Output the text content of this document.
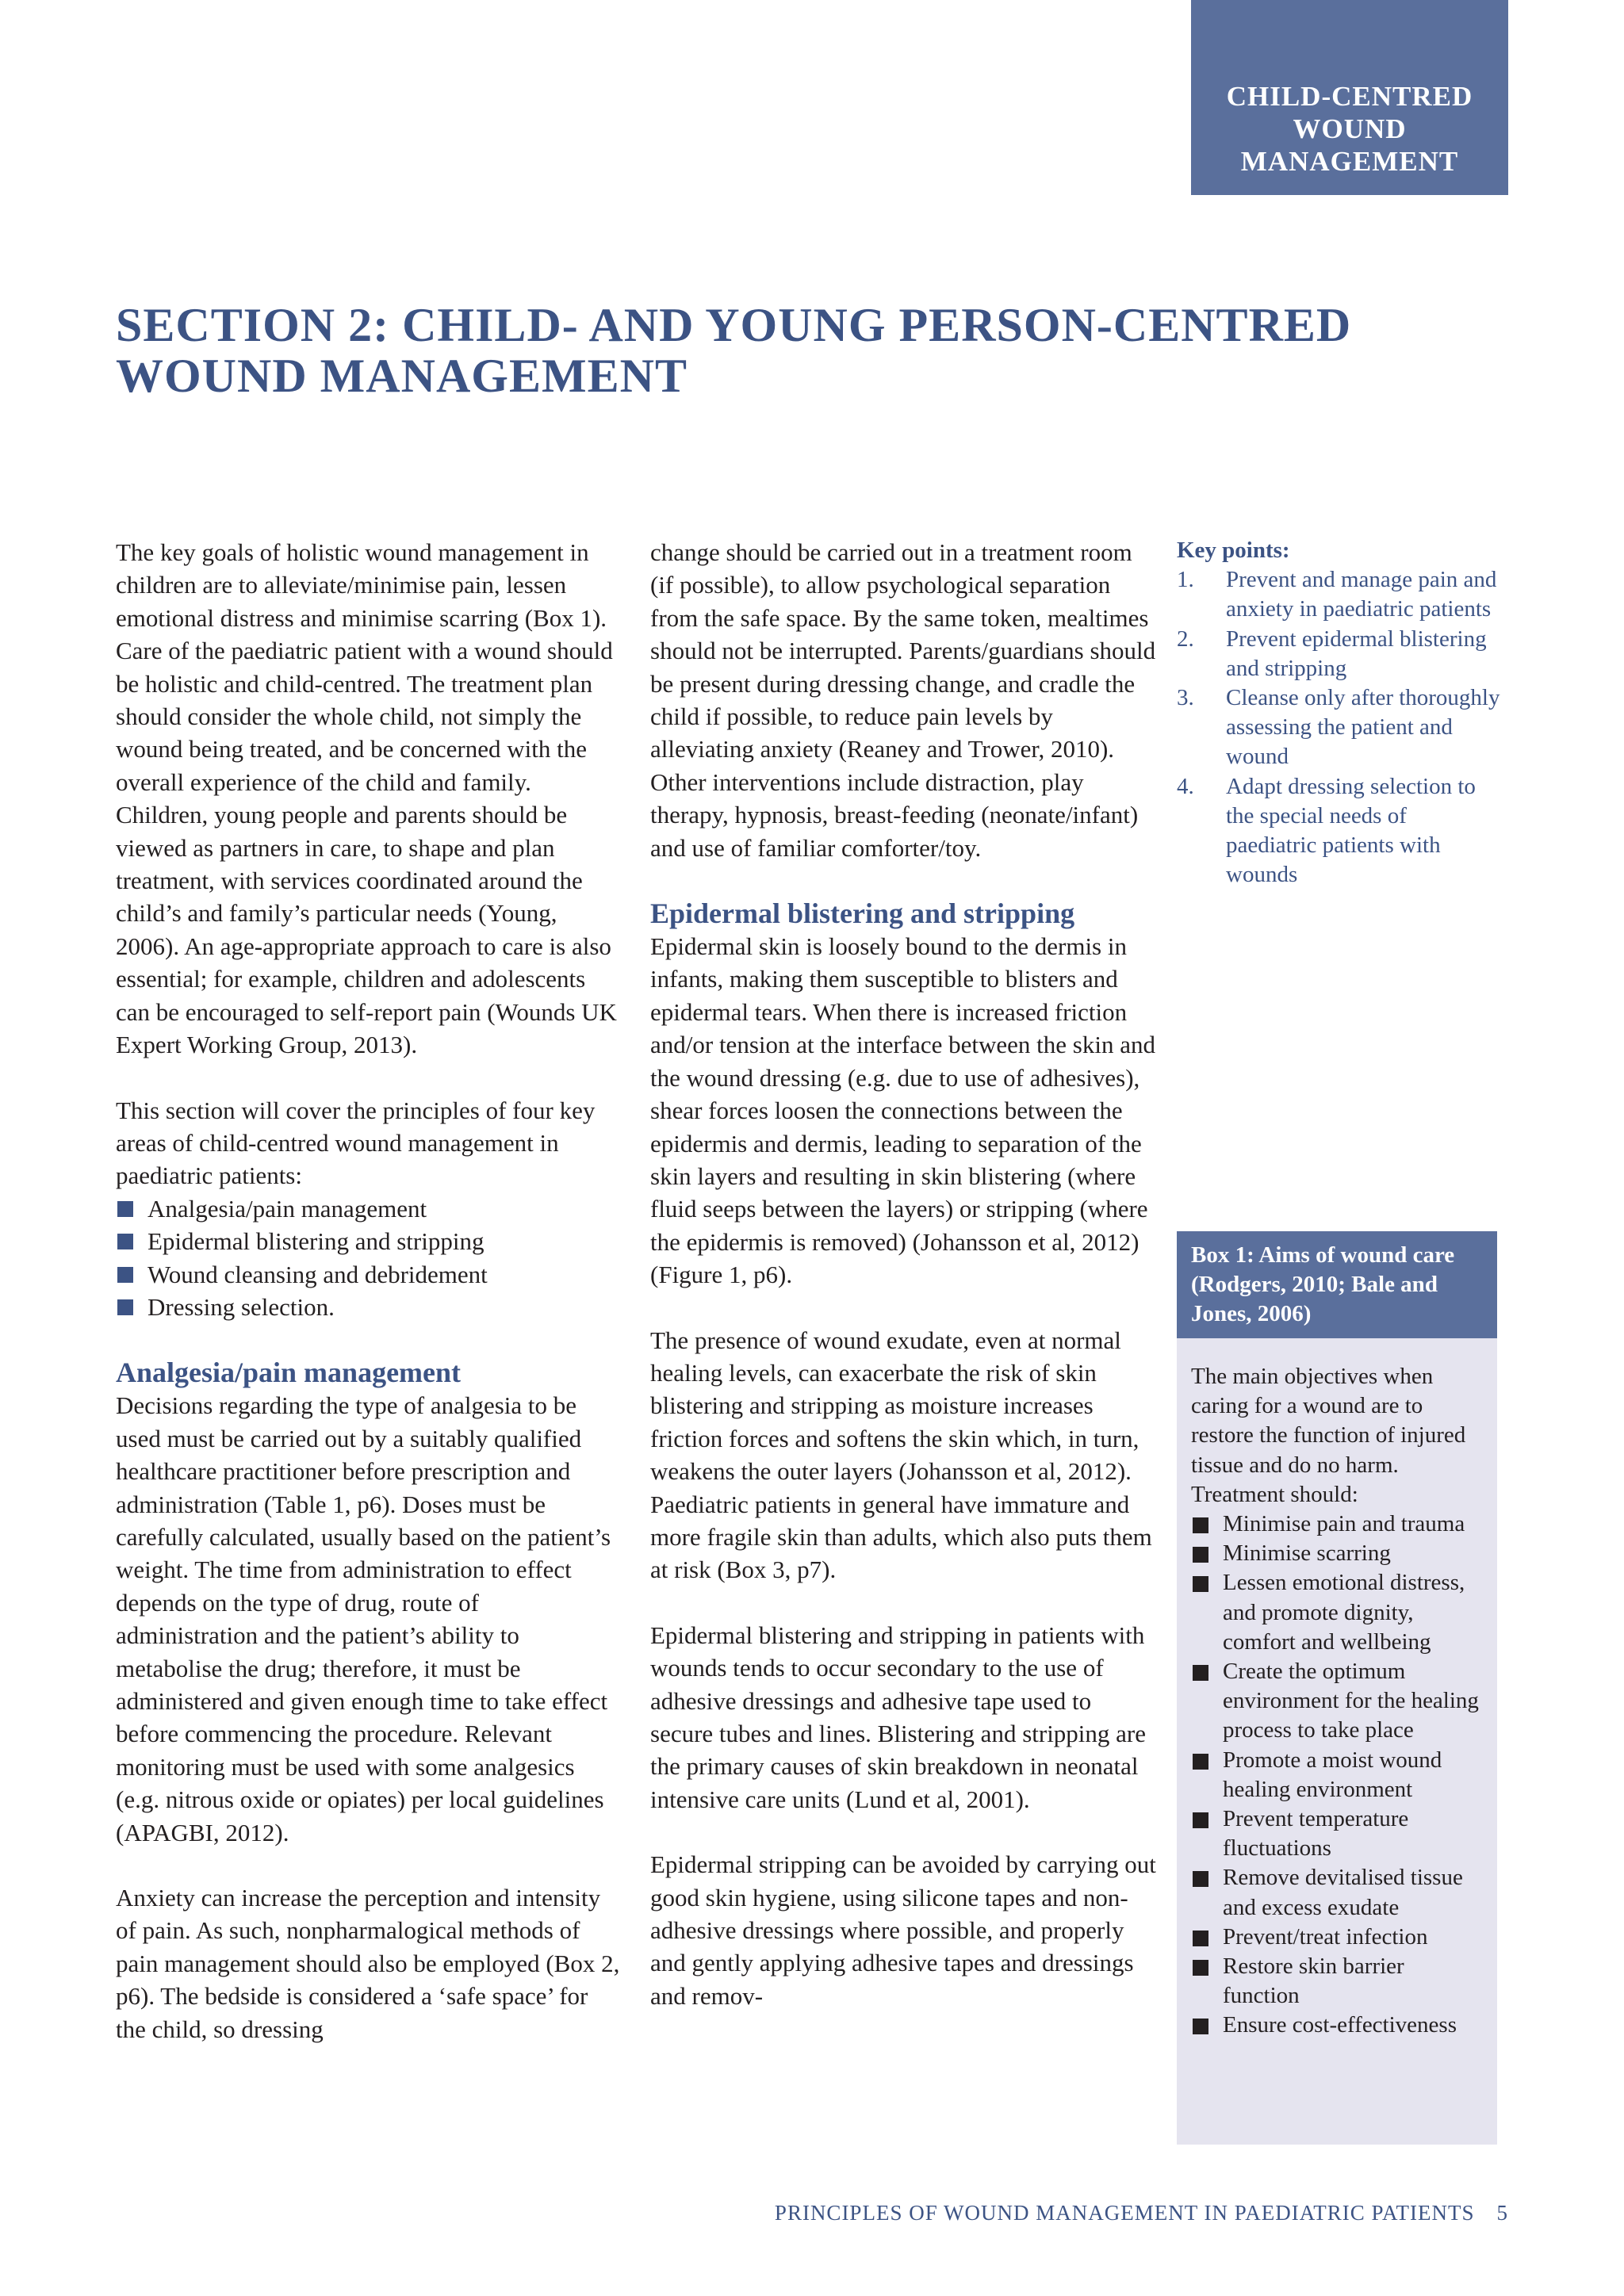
CHILD-CENTRED
WOUND
MANAGEMENT
SECTION 2: CHILD- AND YOUNG PERSON-CENTRED
WOUND MANAGEMENT

The key goals of holistic wound management in children are to alleviate/minimise pain, lessen emotional distress and minimise scarring (Box 1). Care of the paediatric patient with a wound should be holistic and child-centred. The treatment plan should consider the whole child, not simply the wound being treated, and be concerned with the overall experience of the child and family. Children, young people and parents should be viewed as partners in care, to shape and plan treatment, with services coordinated around the child’s and family’s particular needs (Young, 2006). An age-appropriate approach to care is also essential; for example, children and adolescents can be encouraged to self-report pain (Wounds UK Expert Working Group, 2013).

This section will cover the principles of four key areas of child-centred wound management in paediatric patients:

Analgesia/pain management
Epidermal blistering and stripping
Wound cleansing and debridement
Dressing selection.
Analgesia/pain management

Decisions regarding the type of analgesia to be used must be carried out by a suitably qualified healthcare practitioner before prescription and administration (Table 1, p6). Doses must be carefully calculated, usually based on the patient’s weight. The time from administration to effect depends on the type of drug, route of administration and the patient’s ability to metabolise the drug; therefore, it must be administered and given enough time to take effect before commencing the procedure. Relevant monitoring must be used with some analgesics (e.g. nitrous oxide or opiates) per local guidelines (APAGBI, 2012).

Anxiety can increase the perception and intensity of pain. As such, nonpharmalogical methods of pain management should also be employed (Box 2, p6). The bedside is considered a ‘safe space’ for the child, so dressing

change should be carried out in a treatment room (if possible), to allow psychological separation from the safe space. By the same token, mealtimes should not be interrupted. Parents/guardians should be present during dressing change, and cradle the child if possible, to reduce pain levels by alleviating anxiety (Reaney and Trower, 2010). Other interventions include distraction, play therapy, hypnosis, breast-feeding (neonate/infant) and use of familiar comforter/toy.

Epidermal blistering and stripping

Epidermal skin is loosely bound to the dermis in infants, making them susceptible to blisters and epidermal tears. When there is increased friction and/or tension at the interface between the skin and the wound dressing (e.g. due to use of adhesives), shear forces loosen the connections between the epidermis and dermis, leading to separation of the skin layers and resulting in skin blistering (where fluid seeps between the layers) or stripping (where the epidermis is removed) (Johansson et al, 2012) (Figure 1, p6).

The presence of wound exudate, even at normal healing levels, can exacerbate the risk of skin blistering and stripping as moisture increases friction forces and softens the skin which, in turn, weakens the outer layers (Johansson et al, 2012). Paediatric patients in general have immature and more fragile skin than adults, which also puts them at risk (Box 3, p7).

Epidermal blistering and stripping in patients with wounds tends to occur secondary to the use of adhesive dressings and adhesive tape used to secure tubes and lines. Blistering and stripping are the primary causes of skin breakdown in neonatal intensive care units (Lund et al, 2001).

Epidermal stripping can be avoided by carrying out good skin hygiene, using silicone tapes and non-adhesive dressings where possible, and properly and gently applying adhesive tapes and dressings and remov-

Key points:
1. Prevent and manage pain and anxiety in paediatric patients
2. Prevent epidermal blistering and stripping
3. Cleanse only after thoroughly assessing the patient and wound
4. Adapt dressing selection to the special needs of paediatric patients with wounds
Box 1: Aims of wound care (Rodgers, 2010; Bale and Jones, 2006)

The main objectives when caring for a wound are to restore the function of injured tissue and do no harm. Treatment should:

Minimise pain and trauma
Minimise scarring
Lessen emotional distress, and promote dignity, comfort and wellbeing
Create the optimum environment for the healing process to take place
Promote a moist wound healing environment
Prevent temperature fluctuations
Remove devitalised tissue and excess exudate
Prevent/treat infection
Restore skin barrier function
Ensure cost-effectiveness
PRINCIPLES OF WOUND MANAGEMENT IN PAEDIATRIC PATIENTS 5
